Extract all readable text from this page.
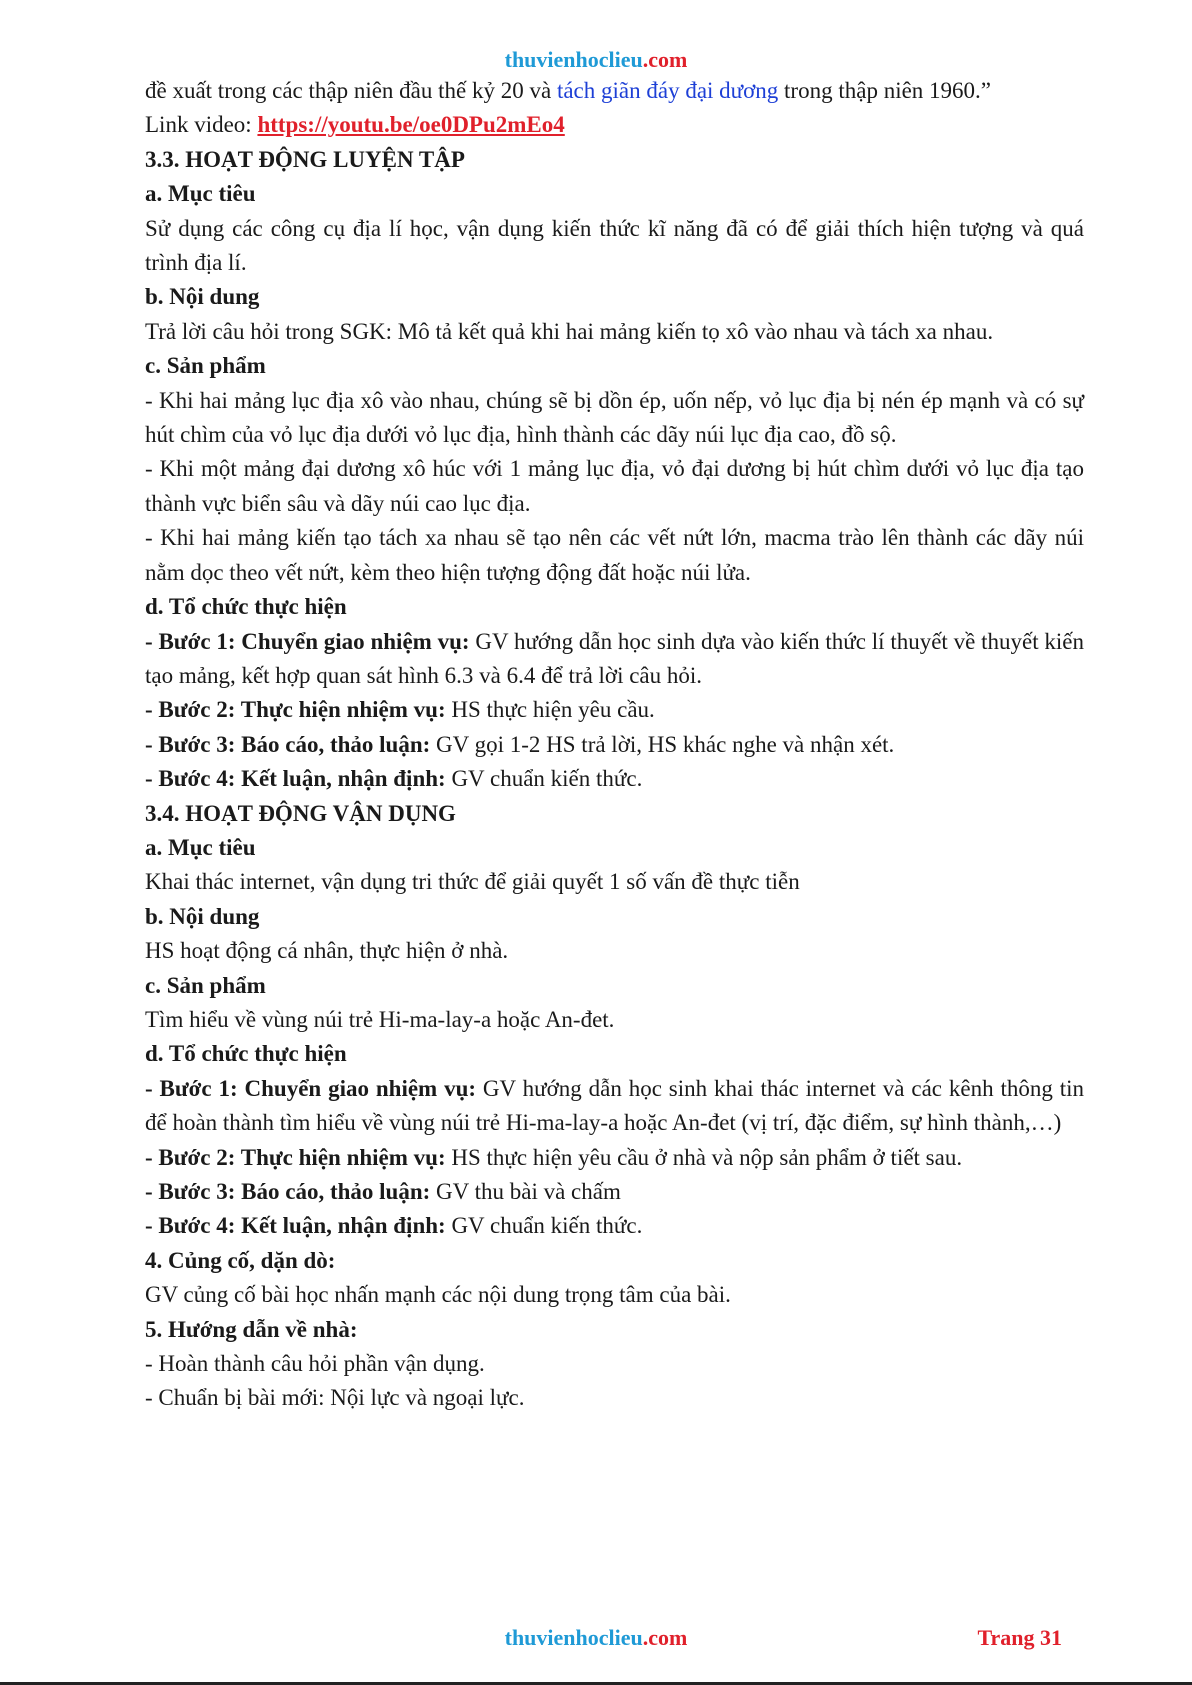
thuvienhoclieu.com

đề xuất trong các thập niên đầu thế kỷ 20 và tách giãn đáy đại dương trong thập niên 1960.”

Link video: https://youtu.be/oe0DPu2mEo4

3.3. HOẠT ĐỘNG LUYỆN TẬP

a. Mục tiêu

Sử dụng các công cụ địa lí học, vận dụng kiến thức kĩ năng đã có để giải thích hiện tượng và quá trình địa lí.

b. Nội dung

Trả lời câu hỏi trong SGK: Mô tả kết quả khi hai mảng kiến tọ xô vào nhau và tách xa nhau.

c. Sản phẩm

- Khi hai mảng lục địa xô vào nhau, chúng sẽ bị dồn ép, uốn nếp, vỏ lục địa bị nén ép mạnh và có sự hút chìm của vỏ lục địa dưới vỏ lục địa, hình thành các dãy núi lục địa cao, đồ sộ.

- Khi một mảng đại dương xô húc với 1 mảng lục địa, vỏ đại dương bị hút chìm dưới vỏ lục địa tạo thành vực biển sâu và dãy núi cao lục địa.

- Khi hai mảng kiến tạo tách xa nhau sẽ tạo nên các vết nứt lớn, macma trào lên thành các dãy núi nằm dọc theo vết nứt, kèm theo hiện tượng động đất hoặc núi lửa.

d. Tổ chức thực hiện

- Bước 1: Chuyển giao nhiệm vụ: GV hướng dẫn học sinh dựa vào kiến thức lí thuyết về thuyết kiến tạo mảng, kết hợp quan sát hình 6.3 và 6.4 để trả lời câu hỏi.

- Bước 2: Thực hiện nhiệm vụ: HS thực hiện yêu cầu.

- Bước 3: Báo cáo, thảo luận: GV gọi 1-2 HS trả lời, HS khác nghe và nhận xét.

- Bước 4: Kết luận, nhận định: GV chuẩn kiến thức.

3.4. HOẠT ĐỘNG VẬN DỤNG

a. Mục tiêu

Khai thác internet, vận dụng tri thức để giải quyết 1 số vấn đề thực tiễn

b. Nội dung

HS hoạt động cá nhân, thực hiện ở nhà.

c. Sản phẩm

Tìm hiểu về vùng núi trẻ Hi-ma-lay-a hoặc An-đet.

d. Tổ chức thực hiện

- Bước 1: Chuyển giao nhiệm vụ: GV hướng dẫn học sinh khai thác internet và các kênh thông tin để hoàn thành tìm hiểu về vùng núi trẻ Hi-ma-lay-a hoặc An-đet (vị trí, đặc điểm, sự hình thành,…)

- Bước 2: Thực hiện nhiệm vụ: HS thực hiện yêu cầu ở nhà và nộp sản phẩm ở tiết sau.

- Bước 3: Báo cáo, thảo luận: GV thu bài và chấm

- Bước 4: Kết luận, nhận định: GV chuẩn kiến thức.

4. Củng cố, dặn dò:

GV củng cố bài học nhấn mạnh các nội dung trọng tâm của bài.

5. Hướng dẫn về nhà:

- Hoàn thành câu hỏi phần vận dụng.

- Chuẩn bị bài mới: Nội lực và ngoại lực.

thuvienhoclieu.com	Trang 31
